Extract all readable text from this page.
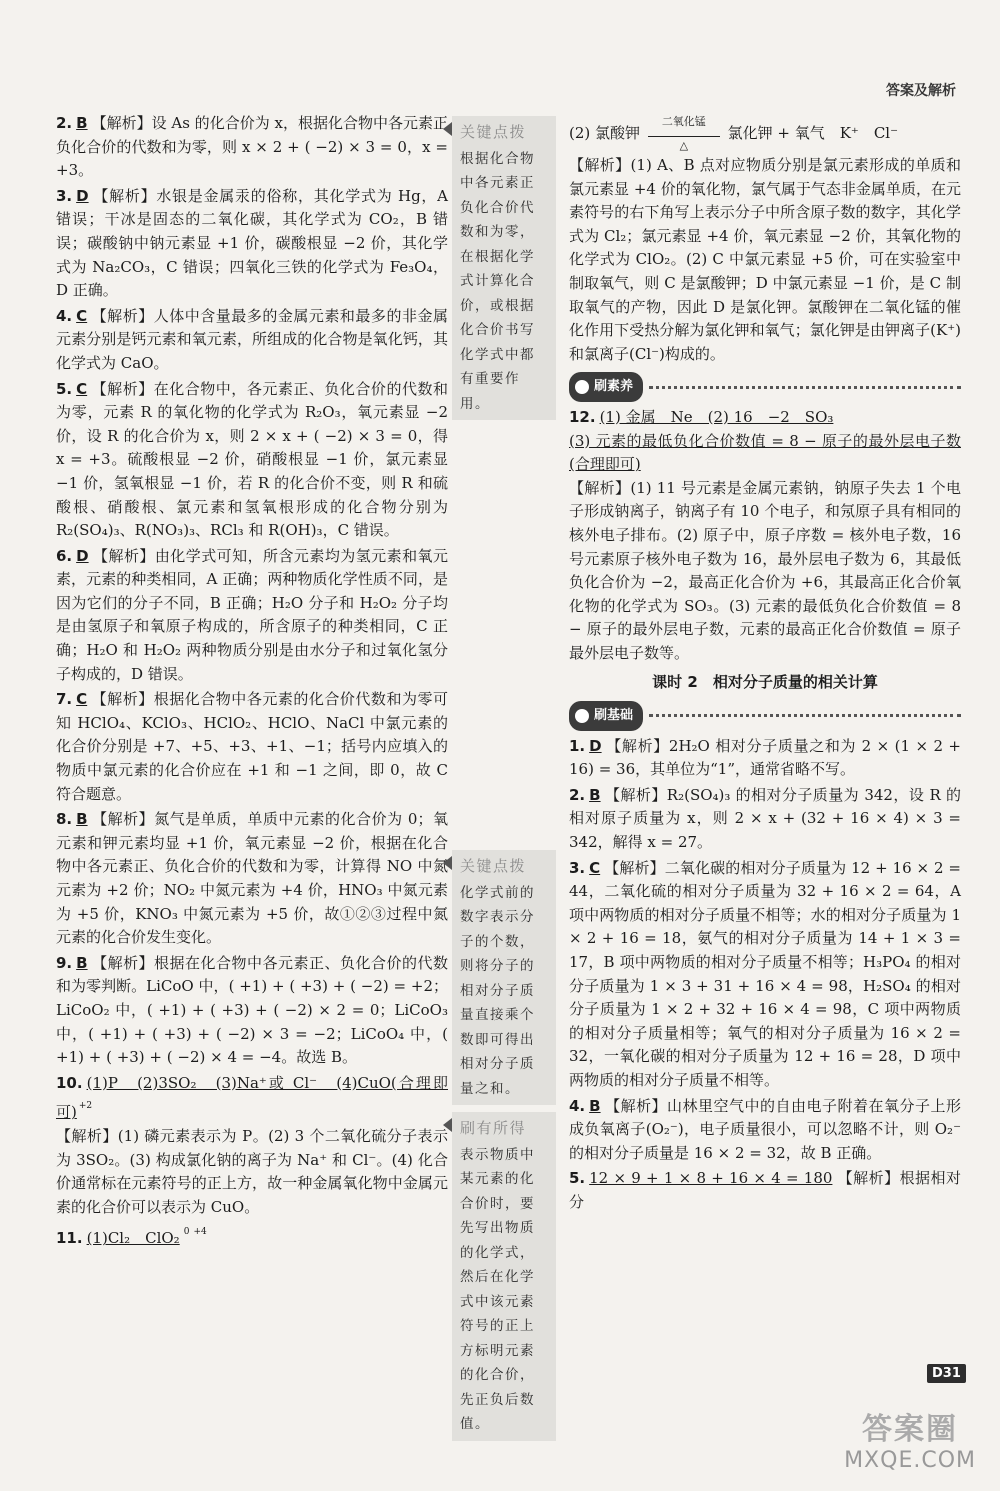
答案及解析
2. B 【解析】设 As 的化合价为 x，根据化合物中各元素正负化合价的代数和为零，则 x × 2 + ( −2) × 3 = 0，x = +3。
3. D 【解析】水银是金属汞的俗称，其化学式为 Hg，A 错误；干冰是固态的二氧化碳，其化学式为 CO₂，B 错误；碳酸钠中钠元素显 +1 价，碳酸根显 −2 价，其化学式为 Na₂CO₃，C 错误；四氧化三铁的化学式为 Fe₃O₄，D 正确。
4. C 【解析】人体中含量最多的金属元素和最多的非金属元素分别是钙元素和氧元素，所组成的化合物是氧化钙，其化学式为 CaO。
5. C 【解析】在化合物中，各元素正、负化合价的代数和为零，元素 R 的氧化物的化学式为 R₂O₃，氧元素显 −2 价，设 R 的化合价为 x，则 2 × x + ( −2) × 3 = 0，得 x = +3。硫酸根显 −2 价，硝酸根显 −1 价，氯元素显 −1 价，氢氧根显 −1 价，若 R 的化合价不变，则 R 和硫酸根、硝酸根、氯元素和氢氧根形成的化合物分别为 R₂(SO₄)₃、R(NO₃)₃、RCl₃ 和 R(OH)₃，C 错误。
6. D 【解析】由化学式可知，所含元素均为氢元素和氧元素，元素的种类相同，A 正确；两种物质化学性质不同，是因为它们的分子不同，B 正确；H₂O 分子和 H₂O₂ 分子均是由氢原子和氧原子构成的，所含原子的种类相同，C 正确；H₂O 和 H₂O₂ 两种物质分别是由水分子和过氧化氢分子构成的，D 错误。
7. C 【解析】根据化合物中各元素的化合价代数和为零可知 HClO₄、KClO₃、HClO₂、HClO、NaCl 中氯元素的化合价分别是 +7、+5、+3、+1、−1；括号内应填入的物质中氯元素的化合价应在 +1 和 −1 之间，即 0，故 C 符合题意。
8. B 【解析】氮气是单质，单质中元素的化合价为 0；氧元素和钾元素均显 +1 价，氧元素显 −2 价，根据在化合物中各元素正、负化合价的代数和为零，计算得 NO 中氮元素为 +2 价；NO₂ 中氮元素为 +4 价，HNO₃ 中氮元素为 +5 价，KNO₃ 中氮元素为 +5 价，故①②③过程中氮元素的化合价发生变化。
9. B 【解析】根据在化合物中各元素正、负化合价的代数和为零判断。LiCoO 中，( +1) + ( +3) + ( −2) = +2；LiCoO₂ 中，( +1) + ( +3) + ( −2) × 2 = 0；LiCoO₃ 中，( +1) + ( +3) + ( −2) × 3 = −2；LiCoO₄ 中，( +1) + ( +3) + ( −2) × 4 = −4。故选 B。
10. (1)P　(2)3SO₂　(3)Na⁺或 Cl⁻　(4)CuO(合理即可) $^{+2}$
【解析】(1) 磷元素表示为 P。(2) 3 个二氧化硫分子表示为 3SO₂。(3) 构成氯化钠的离子为 Na⁺ 和 Cl⁻。(4) 化合价通常标在元素符号的正上方，故一种金属氧化物中金属元素的化合价可以表示为 CuO。
11. (1)Cl₂　ClO₂ $^0$ $^{+4}$
关键点拨
根据化合物中各元素正负化合价代数和为零，在根据化学式计算化合价，或根据化合价书写化学式中都有重要作用。
关键点拨
化学式前的数字表示分子的个数，则将分子的相对分子质量直接乘个数即可得出相对分子质量之和。
刷有所得
表示物质中某元素的化合价时，要先写出物质的化学式，然后在化学式中该元素符号的正上方标明元素的化合价，先正负后数值。
(2) 氯酸钾 二氧化锰

△ 氯化钾 + 氧气　K⁺　Cl⁻
【解析】(1) A、B 点对应物质分别是氯元素形成的单质和氯元素显 +4 价的氧化物，氯气属于气态非金属单质，在元素符号的右下角写上表示分子中所含原子数的数字，其化学式为 Cl₂；氯元素显 +4 价，氧元素显 −2 价，其氧化物的化学式为 ClO₂。(2) C 中氯元素显 +5 价，可在实验室中制取氧气，则 C 是氯酸钾；D 中氯元素显 −1 价，是 C 制取氧气的产物，因此 D 是氯化钾。氯酸钾在二氧化锰的催化作用下受热分解为氯化钾和氧气；氯化钾是由钾离子(K⁺)和氯离子(Cl⁻)构成的。
刷素养
12. (1) 金属　Ne　(2) 16　−2　SO₃
(3) 元素的最低负化合价数值 = 8 − 原子的最外层电子数(合理即可)
【解析】(1) 11 号元素是金属元素钠，钠原子失去 1 个电子形成钠离子，钠离子有 10 个电子，和氖原子具有相同的核外电子排布。(2) 原子中，原子序数 = 核外电子数，16 号元素原子核外电子数为 16，最外层电子数为 6，其最低负化合价为 −2，最高正化合价为 +6，其最高正化合价氧化物的化学式为 SO₃。(3) 元素的最低负化合价数值 = 8 − 原子的最外层电子数，元素的最高正化合价数值 = 原子最外层电子数等。
课时 2　相对分子质量的相关计算
刷基础
1. D 【解析】2H₂O 相对分子质量之和为 2 × (1 × 2 + 16) = 36，其单位为“1”，通常省略不写。
2. B 【解析】R₂(SO₄)₃ 的相对分子质量为 342，设 R 的相对原子质量为 x，则 2 × x + (32 + 16 × 4) × 3 = 342，解得 x = 27。
3. C 【解析】二氧化碳的相对分子质量为 12 + 16 × 2 = 44，二氧化硫的相对分子质量为 32 + 16 × 2 = 64，A 项中两物质的相对分子质量不相等；水的相对分子质量为 1 × 2 + 16 = 18，氨气的相对分子质量为 14 + 1 × 3 = 17，B 项中两物质的相对分子质量不相等；H₃PO₄ 的相对分子质量为 1 × 3 + 31 + 16 × 4 = 98，H₂SO₄ 的相对分子质量为 1 × 2 + 32 + 16 × 4 = 98，C 项中两物质的相对分子质量相等；氧气的相对分子质量为 16 × 2 = 32，一氧化碳的相对分子质量为 12 + 16 = 28，D 项中两物质的相对分子质量不相等。
4. B 【解析】山林里空气中的自由电子附着在氧分子上形成负氧离子(O₂⁻)，电子质量很小，可以忽略不计，则 O₂⁻ 的相对分子质量是 16 × 2 = 32，故 B 正确。
5. 12 × 9 + 1 × 8 + 16 × 4 = 180 【解析】根据相对分
D31
答案圈
MXQE.COM
